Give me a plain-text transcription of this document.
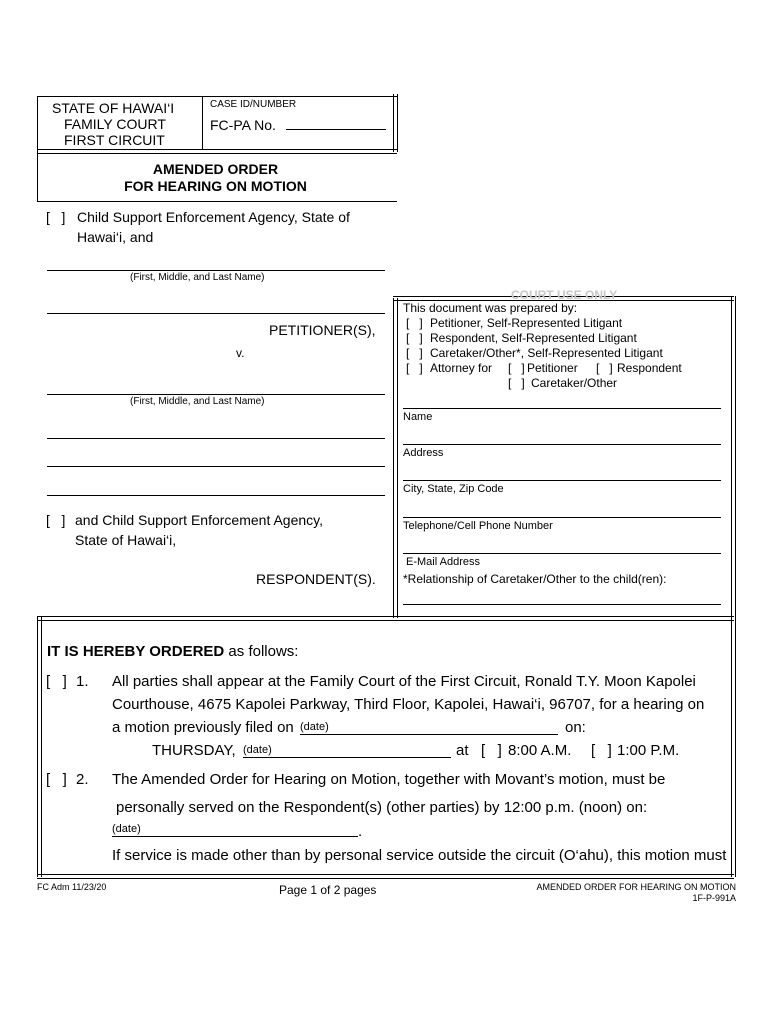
STATE OF HAWAI‘I
FAMILY COURT
FIRST CIRCUIT
CASE ID/NUMBER
FC-PA No.
AMENDED ORDER
FOR HEARING ON MOTION
[   ] Child Support Enforcement Agency, State of
Hawai‘i, and
(First, Middle, and Last Name)
PETITIONER(S),
v.
(First, Middle, and Last Name)
[   ] and Child Support Enforcement Agency,
State of Hawai‘i,
RESPONDENT(S).
COURT USE ONLY
This document was prepared by:
[   ] Petitioner, Self-Represented Litigant
[   ] Respondent, Self-Represented Litigant
[   ] Caretaker/Other*, Self-Represented Litigant
[   ] Attorney for [   ] Petitioner [   ] Respondent
[   ] Caretaker/Other
Name
Address
City, State, Zip Code
Telephone/Cell Phone Number
E-Mail Address
*Relationship of Caretaker/Other to the child(ren):
IT IS HEREBY ORDERED as follows:
[   ] 1. All parties shall appear at the Family Court of the First Circuit, Ronald T.Y. Moon Kapolei
Courthouse, 4675 Kapolei Parkway, Third Floor, Kapolei, Hawai‘i, 96707, for a hearing on
a motion previously filed on (date)	on:
THURSDAY, (date)	at [   ] 8:00 A.M. [   ] 1:00 P.M.
[   ] 2. The Amended Order for Hearing on Motion, together with Movant’s motion, must be
personally served on the Respondent(s) (other parties) by 12:00 p.m. (noon) on:
(date)	.
If service is made other than by personal service outside the circuit (O‘ahu), this motion must
FC Adm 11/23/20	Page 1 of 2 pages	AMENDED ORDER FOR HEARING ON MOTION
1F-P-991A
